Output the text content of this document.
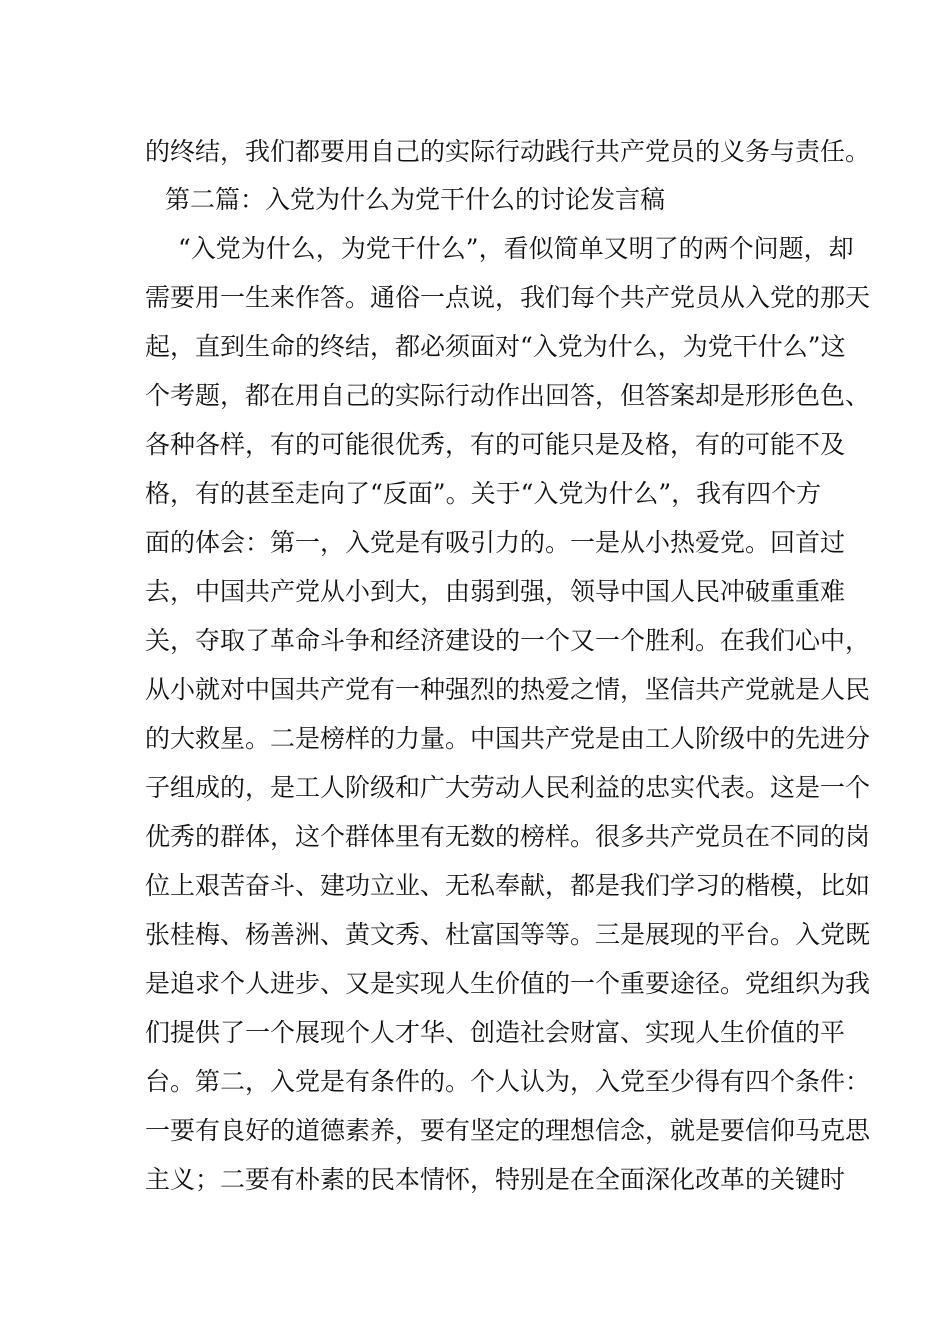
的终结，我们都要用自己的实际行动践行共产党员的义务与责任。
第二篇：入党为什么为党干什么的讨论发言稿
“入党为什么，为党干什么”，看似简单又明了的两个问题，却
需要用一生来作答。通俗一点说，我们每个共产党员从入党的那天
起，直到生命的终结，都必须面对“入党为什么，为党干什么”这
个考题，都在用自己的实际行动作出回答，但答案却是形形色色、
各种各样，有的可能很优秀，有的可能只是及格，有的可能不及
格，有的甚至走向了“反面”。关于“入党为什么”，我有四个方
面的体会：第一，入党是有吸引力的。一是从小热爱党。回首过
去，中国共产党从小到大，由弱到强，领导中国人民冲破重重难
关，夺取了革命斗争和经济建设的一个又一个胜利。在我们心中，
从小就对中国共产党有一种强烈的热爱之情，坚信共产党就是人民
的大救星。二是榜样的力量。中国共产党是由工人阶级中的先进分
子组成的，是工人阶级和广大劳动人民利益的忠实代表。这是一个
优秀的群体，这个群体里有无数的榜样。很多共产党员在不同的岗
位上艰苦奋斗、建功立业、无私奉献，都是我们学习的楷模，比如
张桂梅、杨善洲、黄文秀、杜富国等等。三是展现的平台。入党既
是追求个人进步、又是实现人生价值的一个重要途径。党组织为我
们提供了一个展现个人才华、创造社会财富、实现人生价值的平
台。第二，入党是有条件的。个人认为，入党至少得有四个条件：
一要有良好的道德素养，要有坚定的理想信念，就是要信仰马克思
主义；二要有朴素的民本情怀，特别是在全面深化改革的关键时
